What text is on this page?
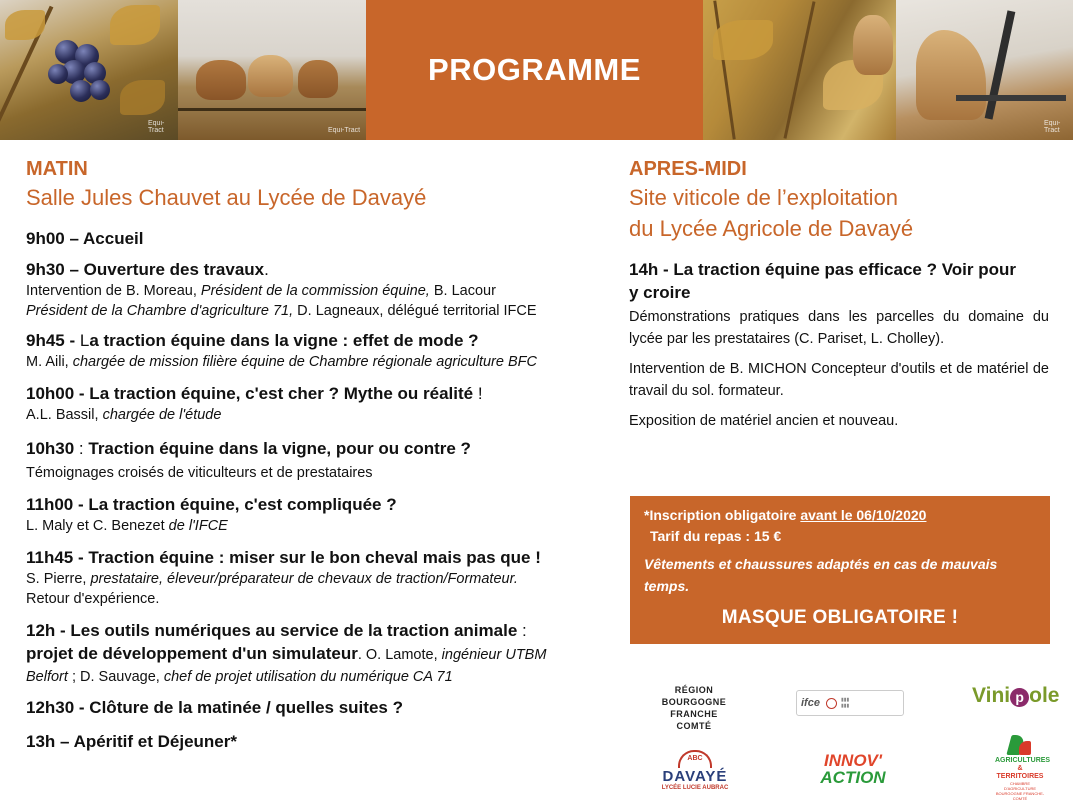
Equi-Tract	Equi-Tract
PROGRAMME
Equi-Tract
MATIN
Salle Jules Chauvet au Lycée de Davayé
9h00 – Accueil
9h30 – Ouverture des travaux.
Intervention de B. Moreau, Président de la commission équine, B. Lacour
Président de la Chambre d'agriculture 71, D. Lagneaux, délégué territorial IFCE
9h45 - La traction équine dans la vigne : effet de mode ?
M. Aili, chargée de mission filière équine de Chambre régionale agriculture BFC
10h00 - La traction équine, c'est cher ? Mythe ou réalité !
A.L. Bassil, chargée de l'étude
10h30 : Traction équine dans la vigne, pour ou contre ?
Témoignages croisés de viticulteurs et de prestataires
11h00 - La traction équine, c'est compliquée ?
L. Maly et C. Benezet de l'IFCE
11h45 - Traction équine : miser sur le bon cheval mais pas que !
S. Pierre, prestataire, éleveur/préparateur de chevaux de traction/Formateur.
Retour d'expérience.
12h - Les outils numériques au service de la traction animale :
projet de développement d'un simulateur. O. Lamote, ingénieur UTBM
Belfort ; D. Sauvage, chef de projet utilisation du numérique CA 71
12h30 - Clôture de la matinée / quelles suites ?
13h – Apéritif et Déjeuner*
APRES-MIDI
Site viticole de l’exploitation
du Lycée Agricole de Davayé
14h - La traction équine pas efficace ? Voir pour
y croire
Démonstrations pratiques dans les parcelles du domaine du lycée par les prestataires (C. Pariset, L. Cholley).
Intervention de B. MICHON Concepteur d'outils et de matériel de travail du sol. formateur.
Exposition de matériel ancien et nouveau.
*Inscription obligatoire avant le 06/10/2020
Tarif du repas : 15 €
Vêtements et chaussures adaptés en cas de mauvais temps.
MASQUE OBLIGATOIRE !
RÉGION
BOURGOGNE
FRANCHE
COMTÉ
ifce	▮▮▮
▮▮▮	Vini p ole
ABC
DAVAYÉ
LYCÉE LUCIE AUBRAC
INNOV'
ACTION
AGRICULTURES
& TERRITOIRES
CHAMBRE D'AGRICULTURE BOURGOGNE FRANCHE-COMTÉ
